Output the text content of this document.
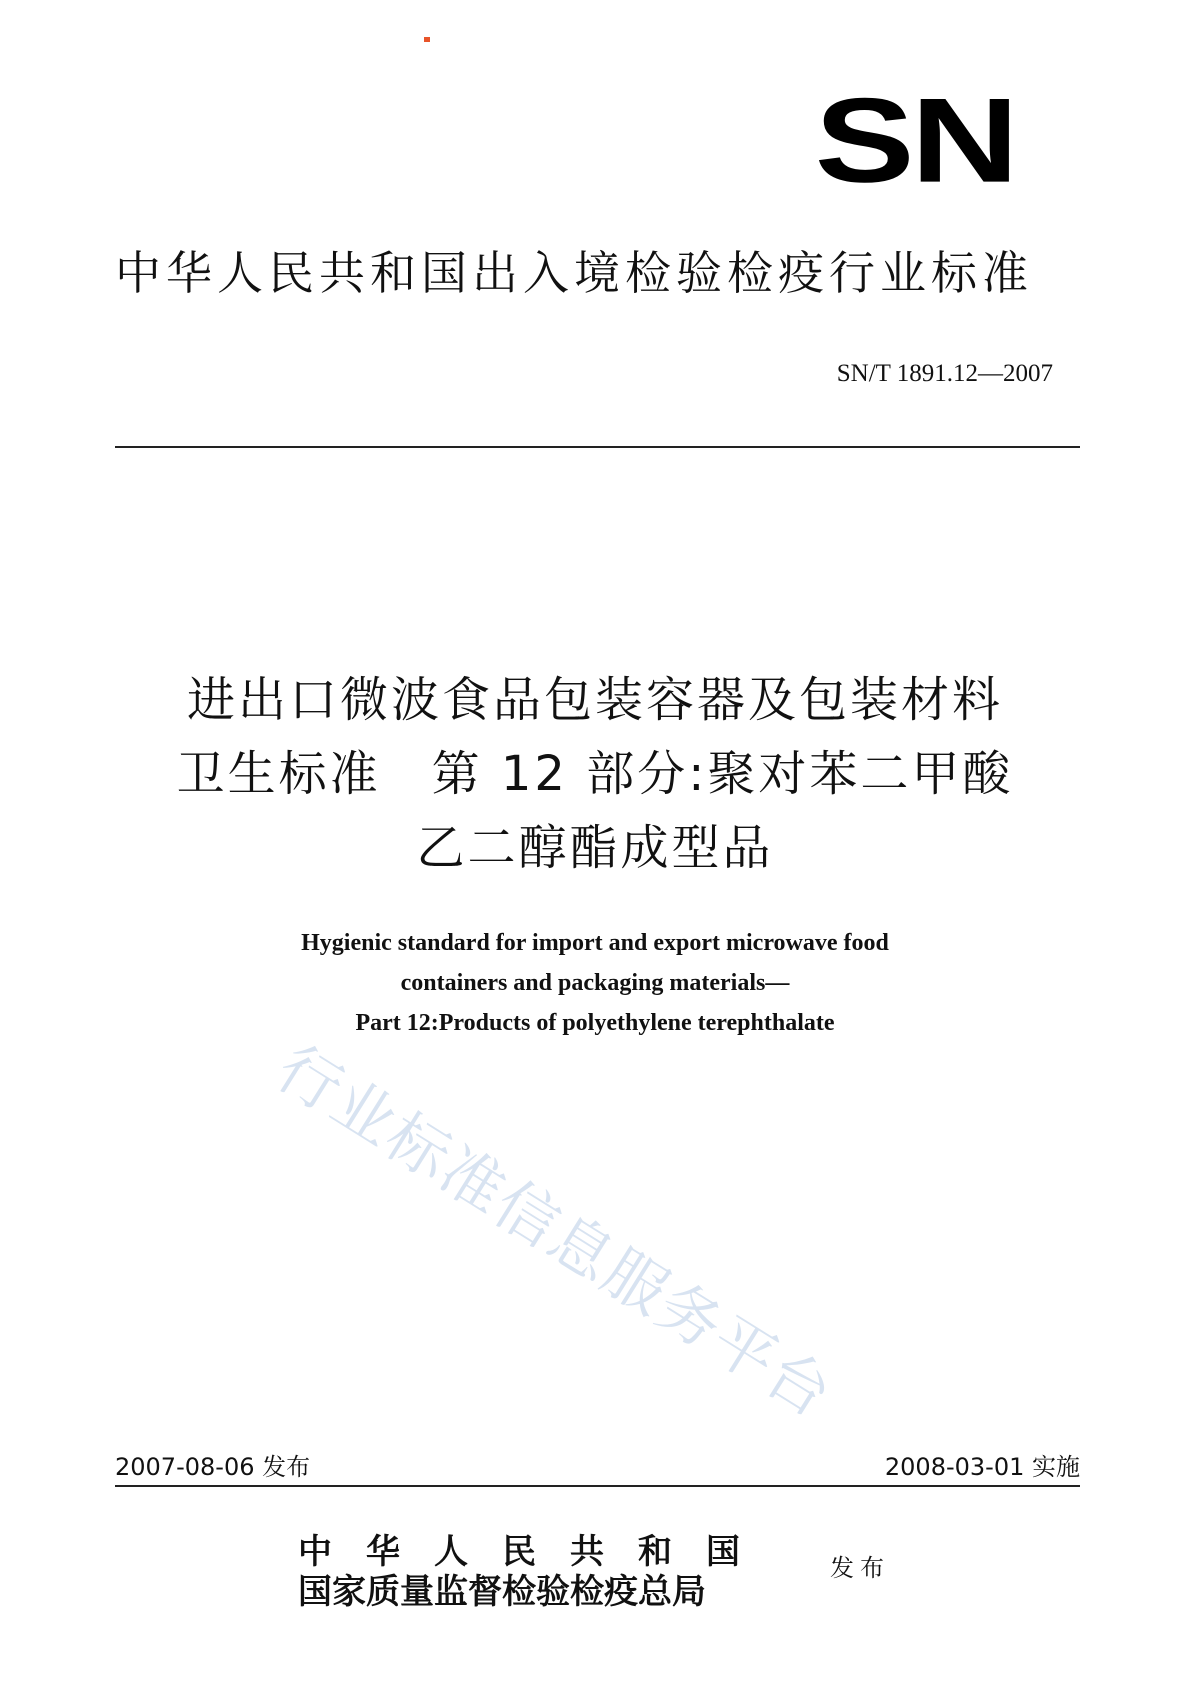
SN
中华人民共和国出入境检验检疫行业标准
SN/T 1891.12—2007
进出口微波食品包装容器及包装材料
卫生标准　第 12 部分:聚对苯二甲酸
乙二醇酯成型品
Hygienic standard for import and export microwave food
containers and packaging materials—
Part 12:Products of polyethylene terephthalate
行业标准信息服务平台
2007-08-06 发布	2008-03-01 实施
中　华　人　民　共　和　国
国家质量监督检验检疫总局
发布
